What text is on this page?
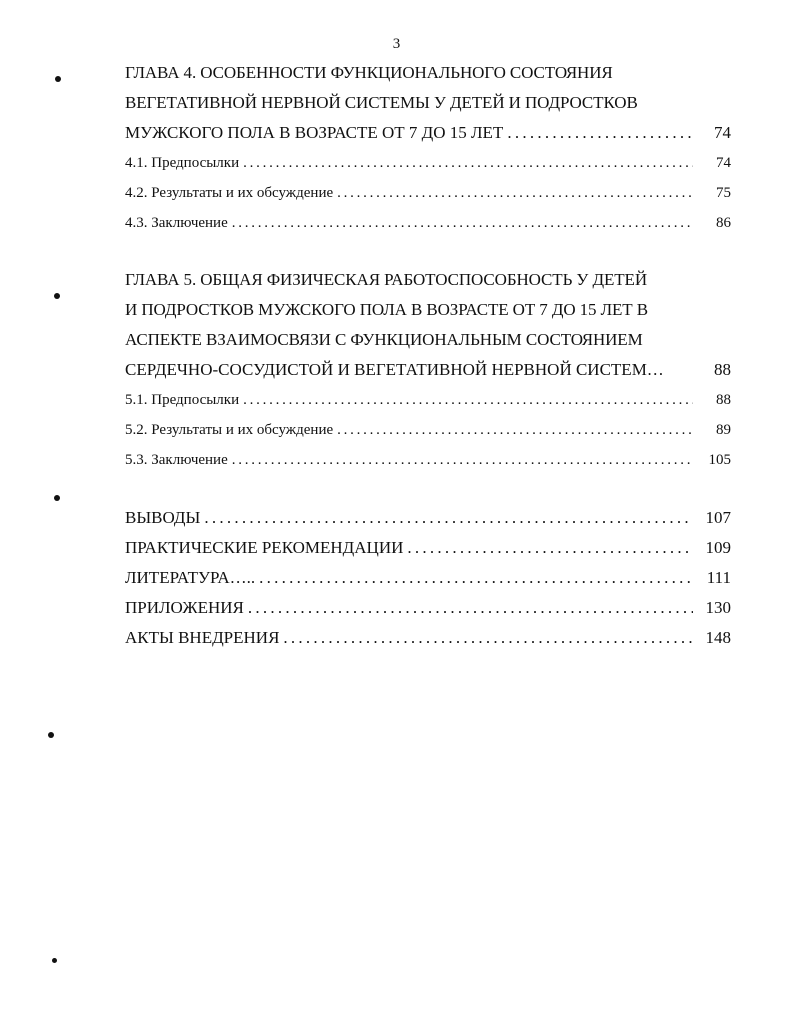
3
ГЛАВА 4. ОСОБЕННОСТИ ФУНКЦИОНАЛЬНОГО СОСТОЯНИЯ
ВЕГЕТАТИВНОЙ НЕРВНОЙ СИСТЕМЫ У ДЕТЕЙ И ПОДРОСТКОВ
МУЖСКОГО ПОЛА В ВОЗРАСТЕ ОТ 7 ДО 15 ЛЕТ . . .	74
4.1. Предпосылки . . .	74
4.2. Результаты и их обсуждение . . .	75
4.3. Заключение . . .	86
ГЛАВА 5. ОБЩАЯ ФИЗИЧЕСКАЯ РАБОТОСПОСОБНОСТЬ У ДЕТЕЙ
И ПОДРОСТКОВ МУЖСКОГО ПОЛА В ВОЗРАСТЕ ОТ 7 ДО 15 ЛЕТ В
АСПЕКТЕ ВЗАИМОСВЯЗИ С ФУНКЦИОНАЛЬНЫМ СОСТОЯНИЕМ
СЕРДЕЧНО-СОСУДИСТОЙ И ВЕГЕТАТИВНОЙ НЕРВНОЙ СИСТЕМ…	88
5.1. Предпосылки . . .	88
5.2. Результаты и их обсуждение . . .	89
5.3. Заключение . . .	105
ВЫВОДЫ . . .	107
ПРАКТИЧЕСКИЕ РЕКОМЕНДАЦИИ . . .	109
ЛИТЕРАТУРА….. . . .	111
ПРИЛОЖЕНИЯ . . .	130
АКТЫ ВНЕДРЕНИЯ . . .	148
